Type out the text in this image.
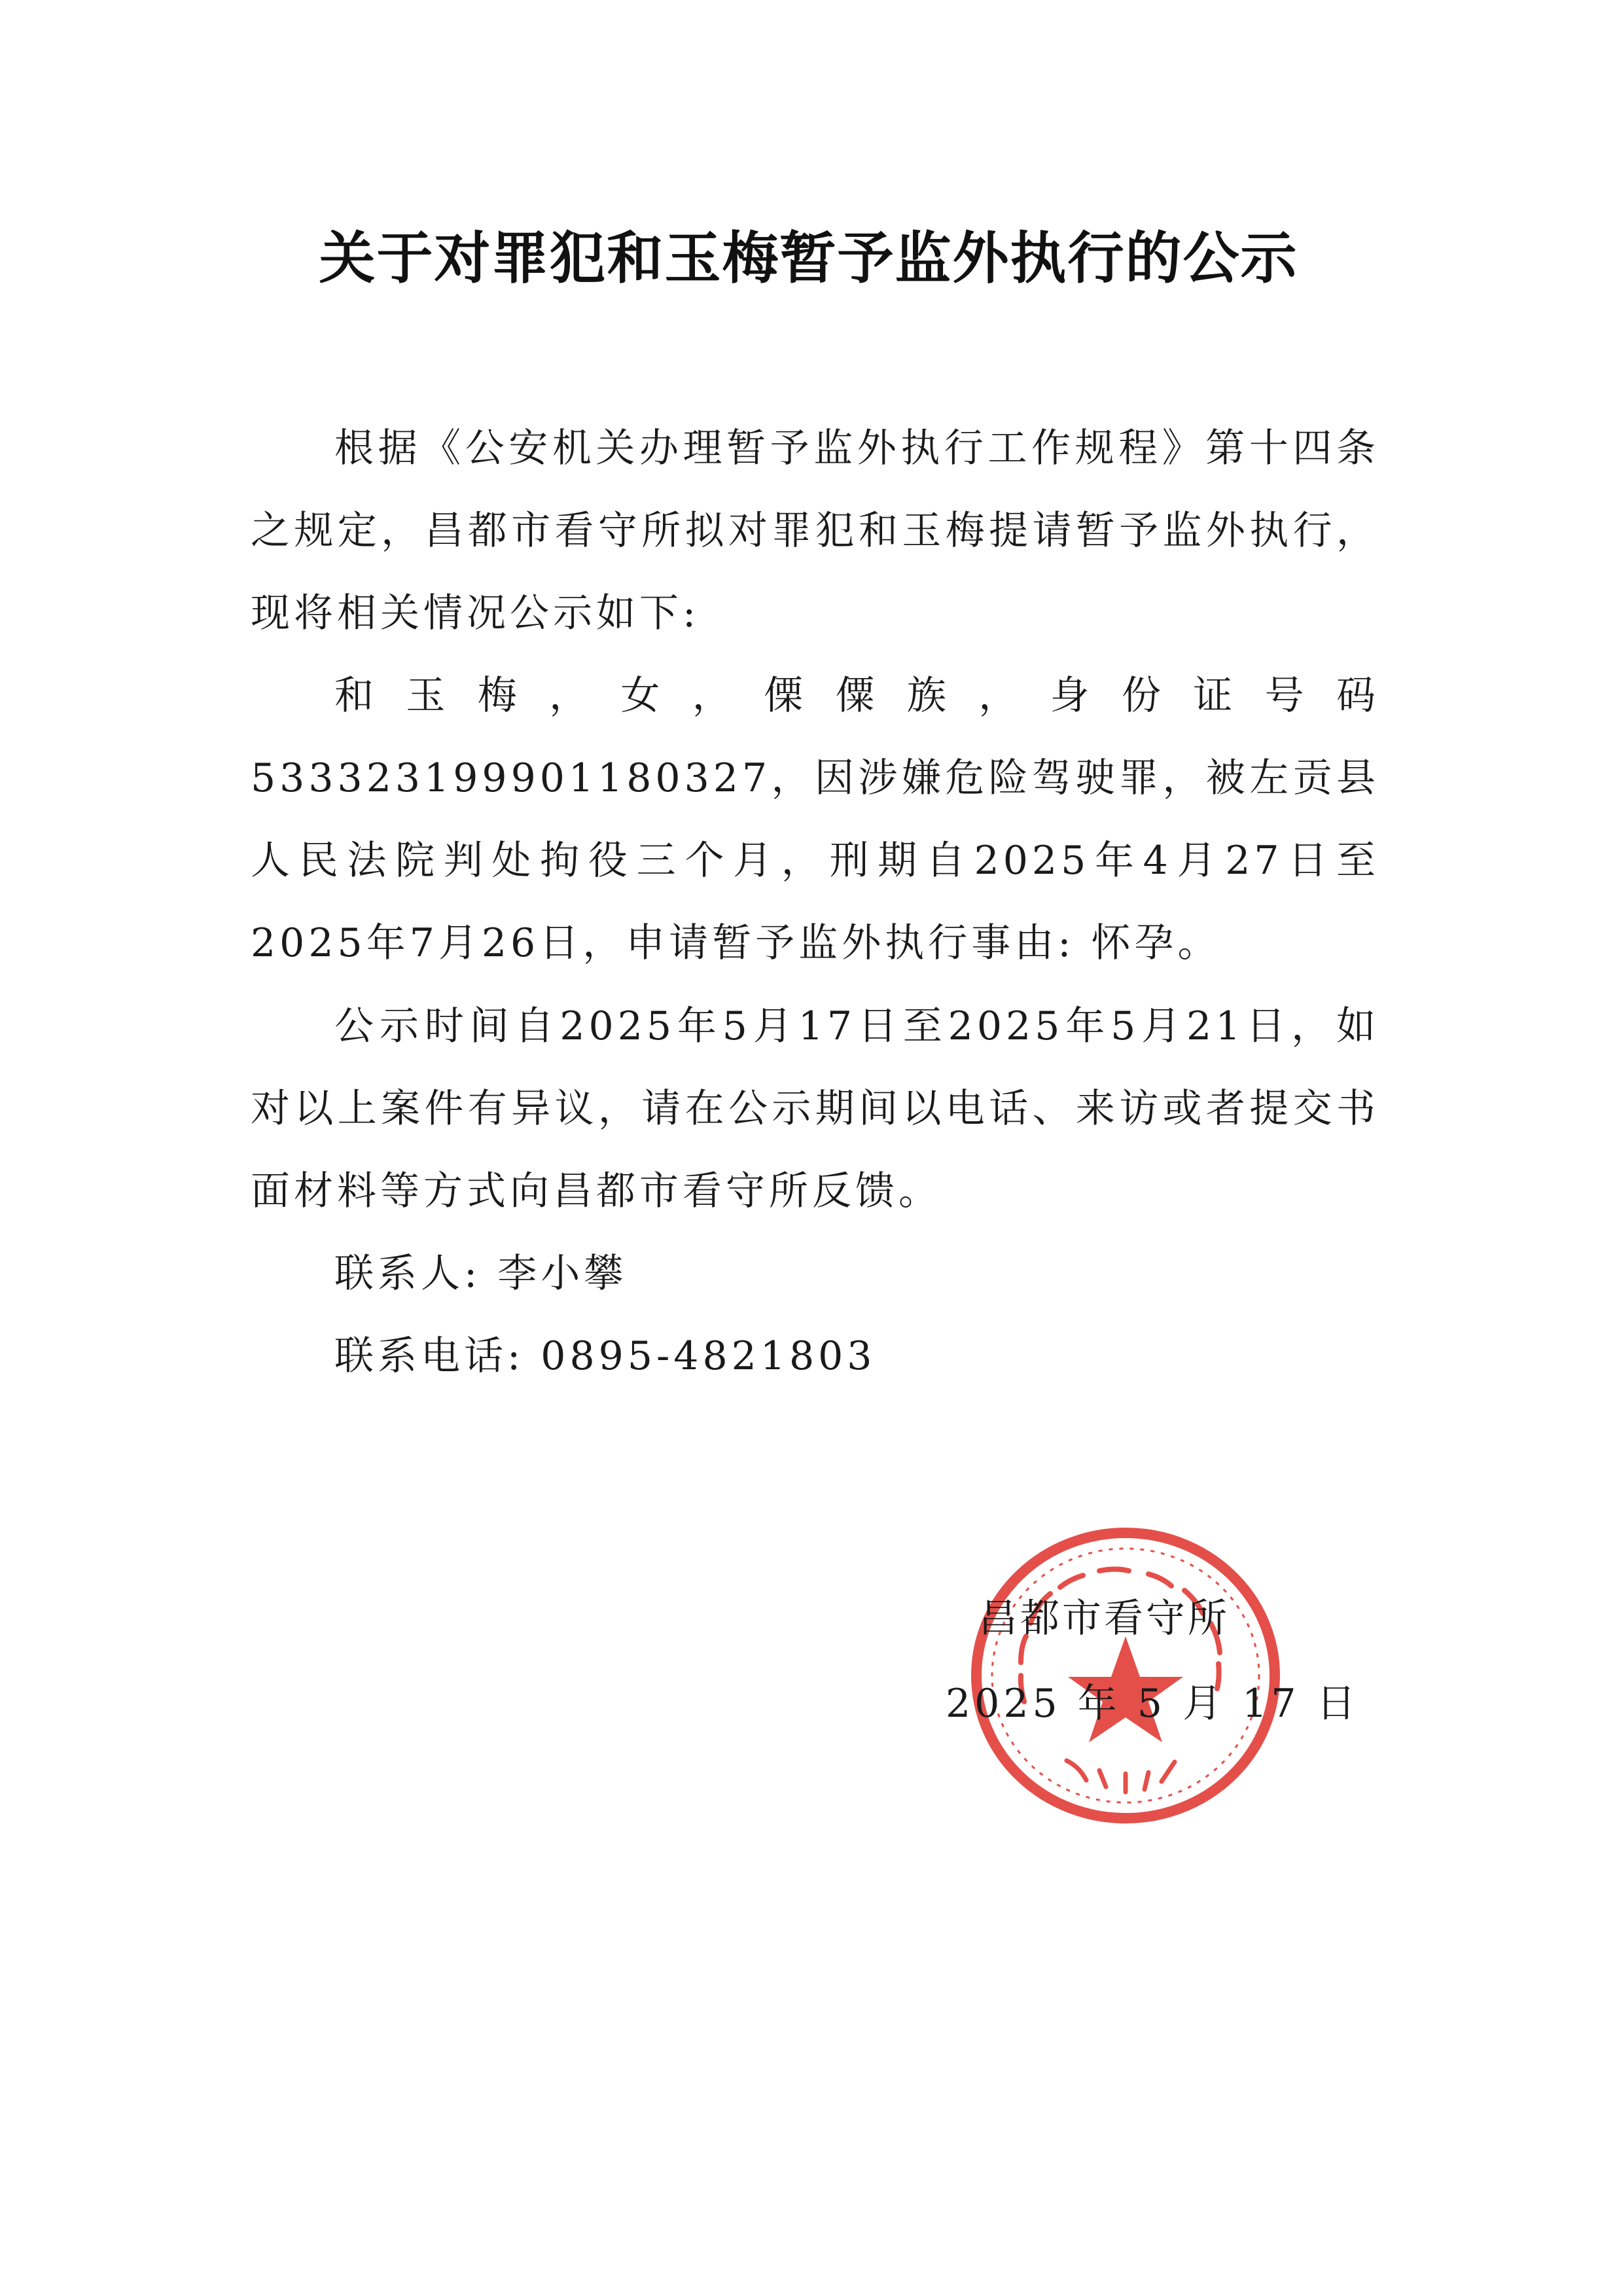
关于对罪犯和玉梅暂予监外执行的公示

根据《公安机关办理暂予监外执行工作规程》第十四条之规定，昌都市看守所拟对罪犯和玉梅提请暂予监外执行，现将相关情况公示如下:

和玉梅，女，傈僳族，身份证号码533323199901180327，因涉嫌危险驾驶罪，被左贡县人民法院判处拘役三个月，刑期自2025年4月27日至2025年7月26日，申请暂予监外执行事由: 怀孕。

公示时间自2025年5月17日至2025年5月21日，如对以上案件有异议，请在公示期间以电话、来访或者提交书面材料等方式向昌都市看守所反馈。

联系人: 李小攀

联系电话: 0895-4821803

昌都市看守所
2025 年 5 月 17 日
